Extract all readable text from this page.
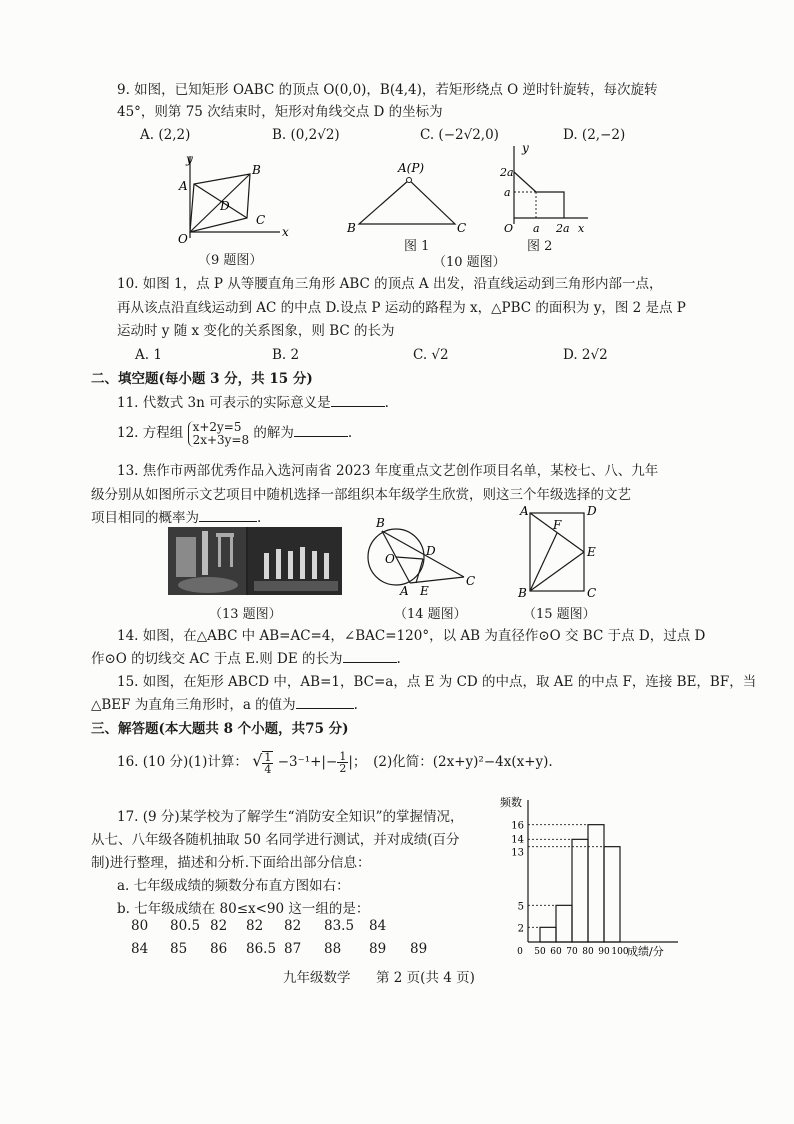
9. 如图，已知矩形 OABC 的顶点 O(0,0)，B(4,4)，若矩形绕点 O 逆时针旋转，每次旋转
45°，则第 75 次结束时，矩形对角线交点 D 的坐标为
A. (2,2)	B. (0,2√2)	C. (−2√2,0)	D. (2,−2)
y
x
O
A
B
C
D
（9 题图）
A(P)
B	C
图 1
y
2a
a
O a 2a x
图 2
（10 题图）
10. 如图 1，点 P 从等腰直角三角形 ABC 的顶点 A 出发，沿直线运动到三角形内部一点，
再从该点沿直线运动到 AC 的中点 D.设点 P 运动的路程为 x，△PBC 的面积为 y，图 2 是点 P
运动时 y 随 x 变化的关系图象，则 BC 的长为
A. 1	B. 2	C. √2	D. 2√2
二、填空题(每小题 3 分，共 15 分)
11. 代数式 3n 可表示的实际意义是	.
12. 方程组 x+2y=5
2x+3y=8 的解为	.
13. 焦作市两部优秀作品入选河南省 2023 年度重点文艺创作项目名单，某校七、八、九年
级分别从如图所示文艺项目中随机选择一部组织本年级学生欣赏，则这三个年级选择的文艺
项目相同的概率为	.
（13 题图）
B
O
D
A E
C
（14 题图）
A	D
F
E
B	C
（15 题图）
14. 如图，在△ABC 中 AB=AC=4，∠BAC=120°，以 AB 为直径作⊙O 交 BC 于点 D，过点 D
作⊙O 的切线交 AC 于点 E.则 DE 的长为	.
15. 如图，在矩形 ABCD 中，AB=1，BC=a，点 E 为 CD 的中点，取 AE 的中点 F，连接 BE，BF，当
△BEF 为直角三角形时，a 的值为	.
三、解答题(本大题共 8 个小题，共75 分)
16. (10 分)(1)计算： √ $\frac{1}{4} -3^{-1}+|- \frac{1}{2}$ |；　(2)化简：(2x+y)²−4x(x+y).
17. (9 分)某学校为了解学生“消防安全知识”的掌握情况，
从七、八年级各随机抽取 50 名同学进行测试，并对成绩(百分
制)进行整理，描述和分析.下面给出部分信息：
a. 七年级成绩的频数分布直方图如右：
b. 七年级成绩在 80≤x<90 这一组的是：
80 80.5 82 82 82 83.5 84
84 85 86 86.5 87 88 89 89
2
5
13
14
16
0 50 60 70 80 90 100
频数
成绩/分
九年级数学 第 2 页(共 4 页)
